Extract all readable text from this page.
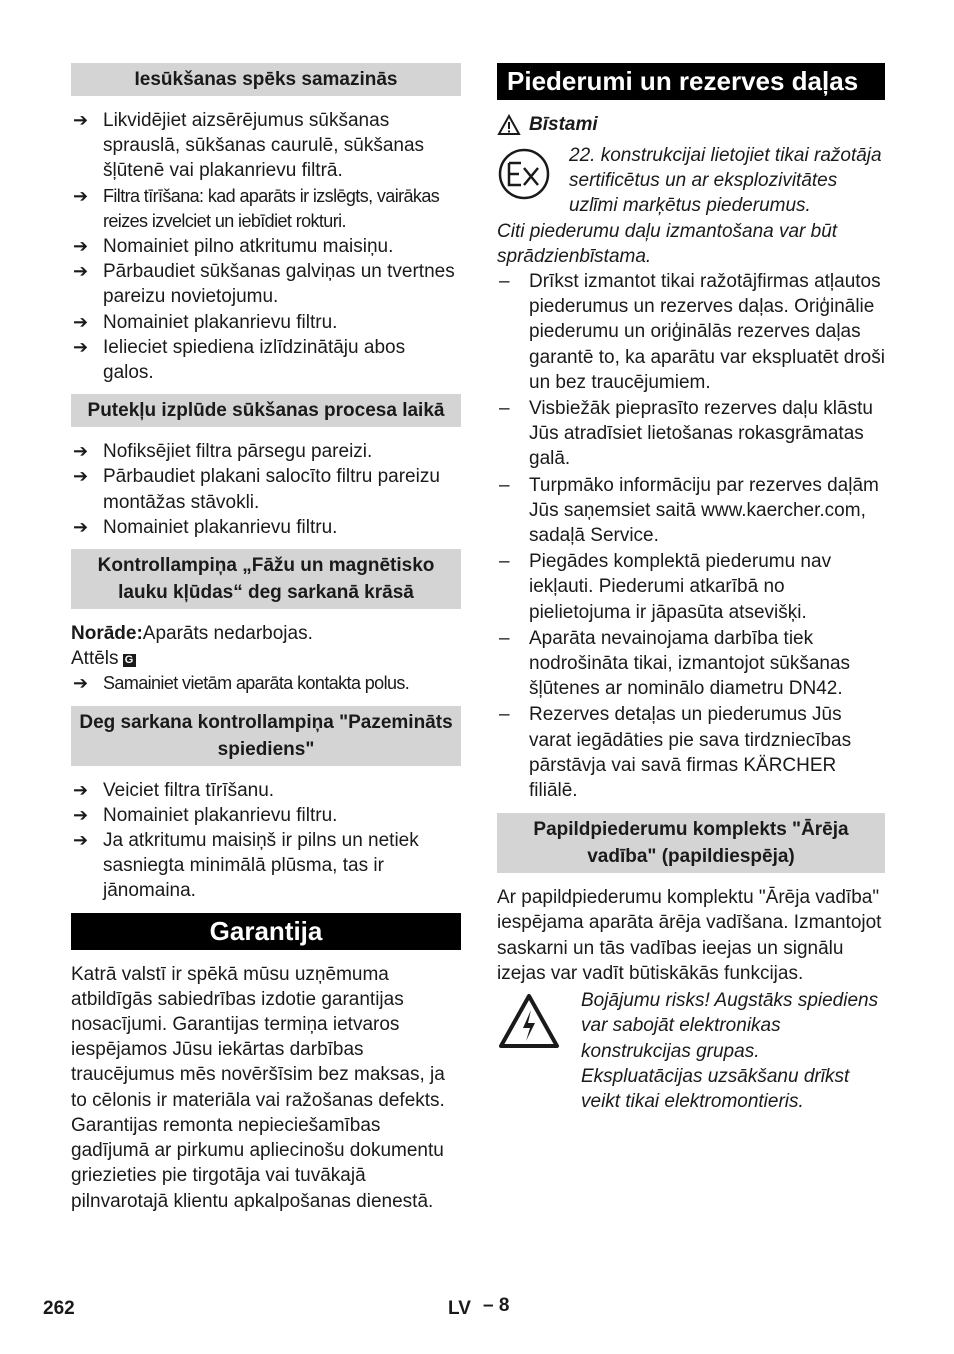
Iesūkšanas spēks samazinās
➔ Likvidējiet aizsērējumus sūkšanas sprauslā, sūkšanas caurulē, sūkšanas šļūtenē vai plakanrievu filtrā.
➔ Filtra tīrīšana: kad aparāts ir izslēgts, vairākas reizes izvelciet un iebīdiet rokturi.
➔ Nomainiet pilno atkritumu maisiņu.
➔ Pārbaudiet sūkšanas galviņas un tvertnes pareizu novietojumu.
➔ Nomainiet plakanrievu filtru.
➔ Ielieciet spiediena izlīdzinātāju abos galos.
Putekļu izplūde sūkšanas procesa laikā
➔ Nofiksējiet filtra pārsegu pareizi.
➔ Pārbaudiet plakani salocīto filtru pareizu montāžas stāvokli.
➔ Nomainiet plakanrievu filtru.
Kontrollampiņa „Fāžu un magnētisko lauku kļūdas“ deg sarkanā krāsā
Norāde:Aparāts nedarbojas.
Attēls G
➔ Samainiet vietām aparāta kontakta polus.
Deg sarkana kontrollampiņa "Pazemināts spiediens"
➔ Veiciet filtra tīrīšanu.
➔ Nomainiet plakanrievu filtru.
➔ Ja atkritumu maisiņš ir pilns un netiek sasniegta minimālā plūsma, tas ir jānomaina.
Garantija

Katrā valstī ir spēkā mūsu uzņēmuma atbildīgās sabiedrības izdotie garantijas nosacījumi. Garantijas termiņa ietvaros iespējamos Jūsu iekārtas darbības traucējumus mēs novēršīsim bez maksas, ja to cēlonis ir materiāla vai ražošanas defekts. Garantijas remonta nepieciešamības gadījumā ar pirkumu apliecinošu dokumentu griezieties pie tirgotāja vai tuvākajā pilnvarotajā klientu apkalpošanas dienestā.

Piederumi un rezerves daļas
Bīstami

22. konstrukcijai lietojiet tikai ražotāja sertificētus un ar eksplozivitātes uzlīmi marķētus piederumus.

Citi piederumu daļu izmantošana var būt sprādzienbīstama.

– Drīkst izmantot tikai ražotājfirmas atļautos piederumus un rezerves daļas. Oriģinālie piederumu un oriģinālās rezerves daļas garantē to, ka aparātu var ekspluatēt droši un bez traucējumiem.
– Visbiežāk pieprasīto rezerves daļu klāstu Jūs atradīsiet lietošanas rokasgrāmatas galā.
– Turpmāko informāciju par rezerves daļām Jūs saņemsiet saitā www.kaercher.com, sadaļā Service.
– Piegādes komplektā piederumu nav iekļauti. Piederumi atkarībā no pielietojuma ir jāpasūta atsevišķi.
– Aparāta nevainojama darbība tiek nodrošināta tikai, izmantojot sūkšanas šļūtenes ar nominālo diametru DN42.
– Rezerves detaļas un piederumus Jūs varat iegādāties pie sava tirdzniecības pārstāvja vai savā firmas KÄRCHER filiālē.
Papildpiederumu komplekts "Ārēja vadība" (papildiespēja)

Ar papildpiederumu komplektu "Ārēja vadība" iespējama aparāta ārēja vadīšana. Izmantojot saskarni un tās vadības ieejas un signālu izejas var vadīt būtiskākās funkcijas.

Bojājumu risks! Augstāks spiediens var sabojāt elektronikas konstrukcijas grupas. Ekspluatācijas uzsākšanu drīkst veikt tikai elektromontieris.

262	LV – 8
